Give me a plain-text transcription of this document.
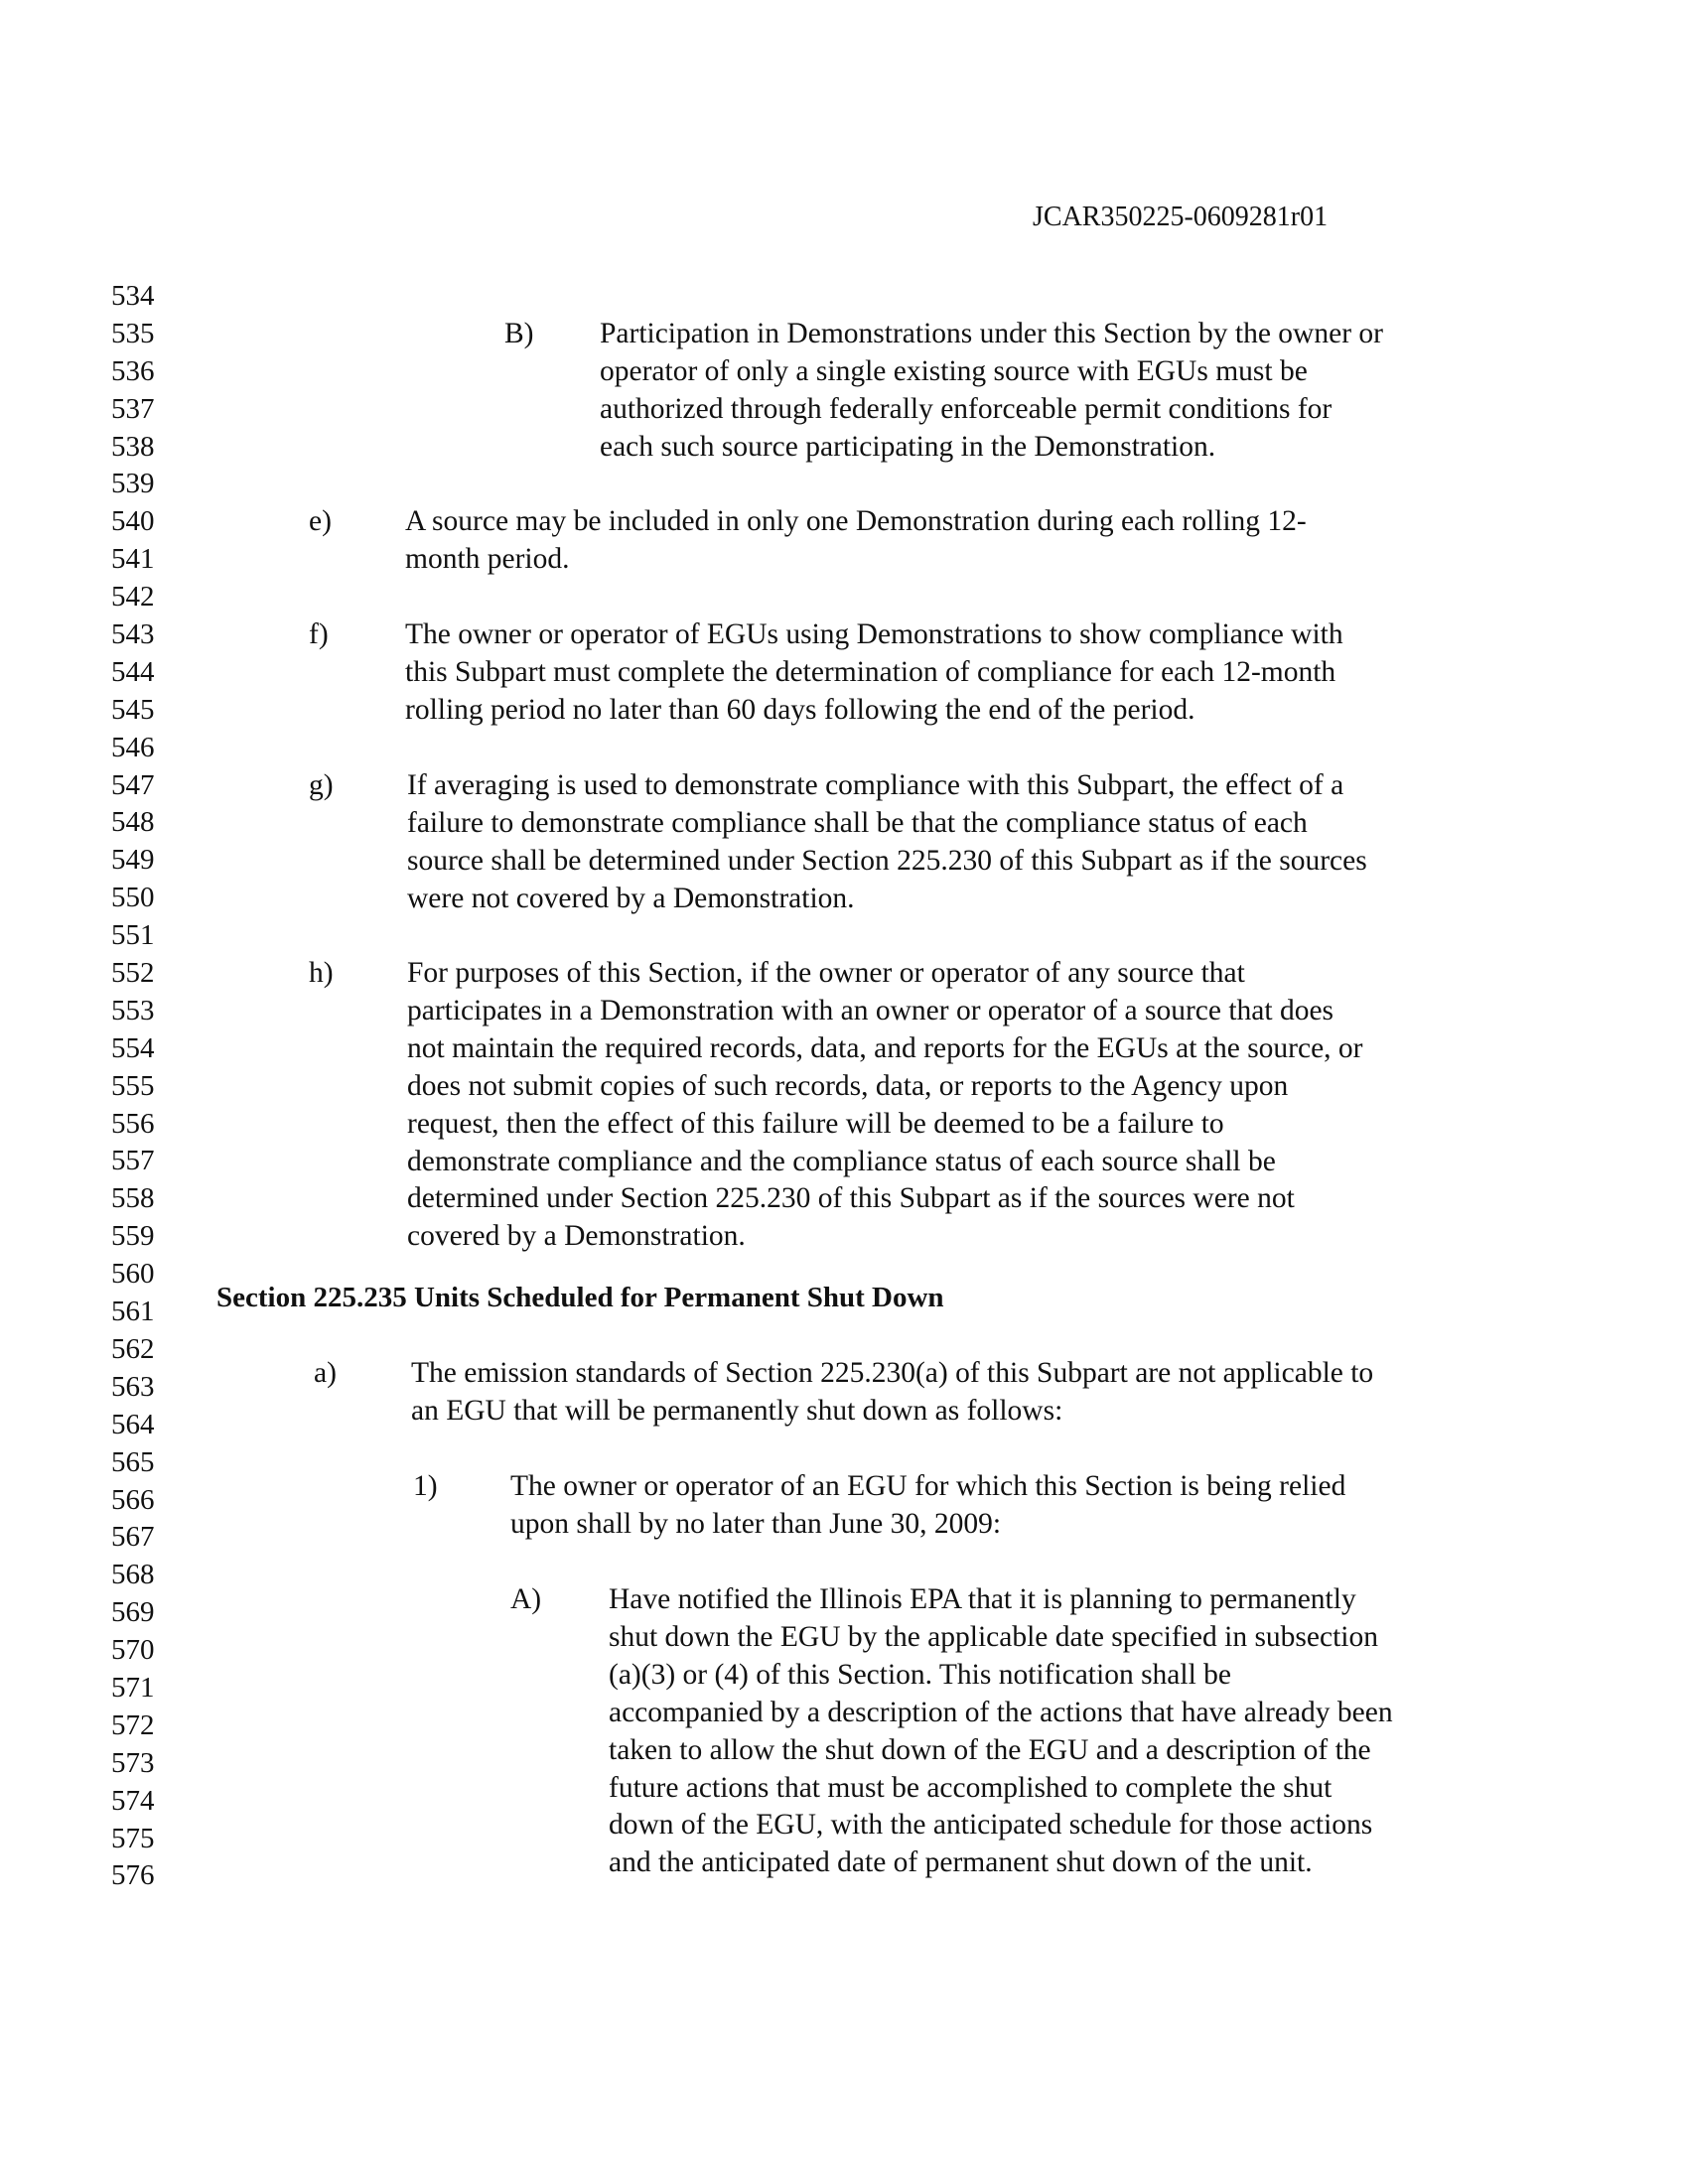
JCAR350225-0609281r01
534
535
536
537
538
539
540
541
542
543
544
545
546
547
548
549
550
551
552
553
554
555
556
557
558
559
560
561
562
563
564
565
566
567
568
569
570
571
572
573
574
575
576
B) Participation in Demonstrations under this Section by the owner or
operator of only a single existing source with EGUs must be
authorized through federally enforceable permit conditions for
each such source participating in the Demonstration.
e)	A source may be included in only one Demonstration during each rolling 12-
month period.
f)	The owner or operator of EGUs using Demonstrations to show compliance with
this Subpart must complete the determination of compliance for each 12-month
rolling period no later than 60 days following the end of the period.
g)	If averaging is used to demonstrate compliance with this Subpart, the effect of a
failure to demonstrate compliance shall be that the compliance status of each
source shall be determined under Section 225.230 of this Subpart as if the sources
were not covered by a Demonstration.
h)	For purposes of this Section, if the owner or operator of any source that
participates in a Demonstration with an owner or operator of a source that does
not maintain the required records, data, and reports for the EGUs at the source, or
does not submit copies of such records, data, or reports to the Agency upon
request, then the effect of this failure will be deemed to be a failure to
demonstrate compliance and the compliance status of each source shall be
determined under Section 225.230 of this Subpart as if the sources were not
covered by a Demonstration.
Section 225.235 Units Scheduled for Permanent Shut Down
a)	The emission standards of Section 225.230(a) of this Subpart are not applicable to
an EGU that will be permanently shut down as follows:
1) The owner or operator of an EGU for which this Section is being relied
upon shall by no later than June 30, 2009:
A) Have notified the Illinois EPA that it is planning to permanently
shut down the EGU by the applicable date specified in subsection
(a)(3) or (4) of this Section. This notification shall be
accompanied by a description of the actions that have already been
taken to allow the shut down of the EGU and a description of the
future actions that must be accomplished to complete the shut
down of the EGU, with the anticipated schedule for those actions
and the anticipated date of permanent shut down of the unit.
